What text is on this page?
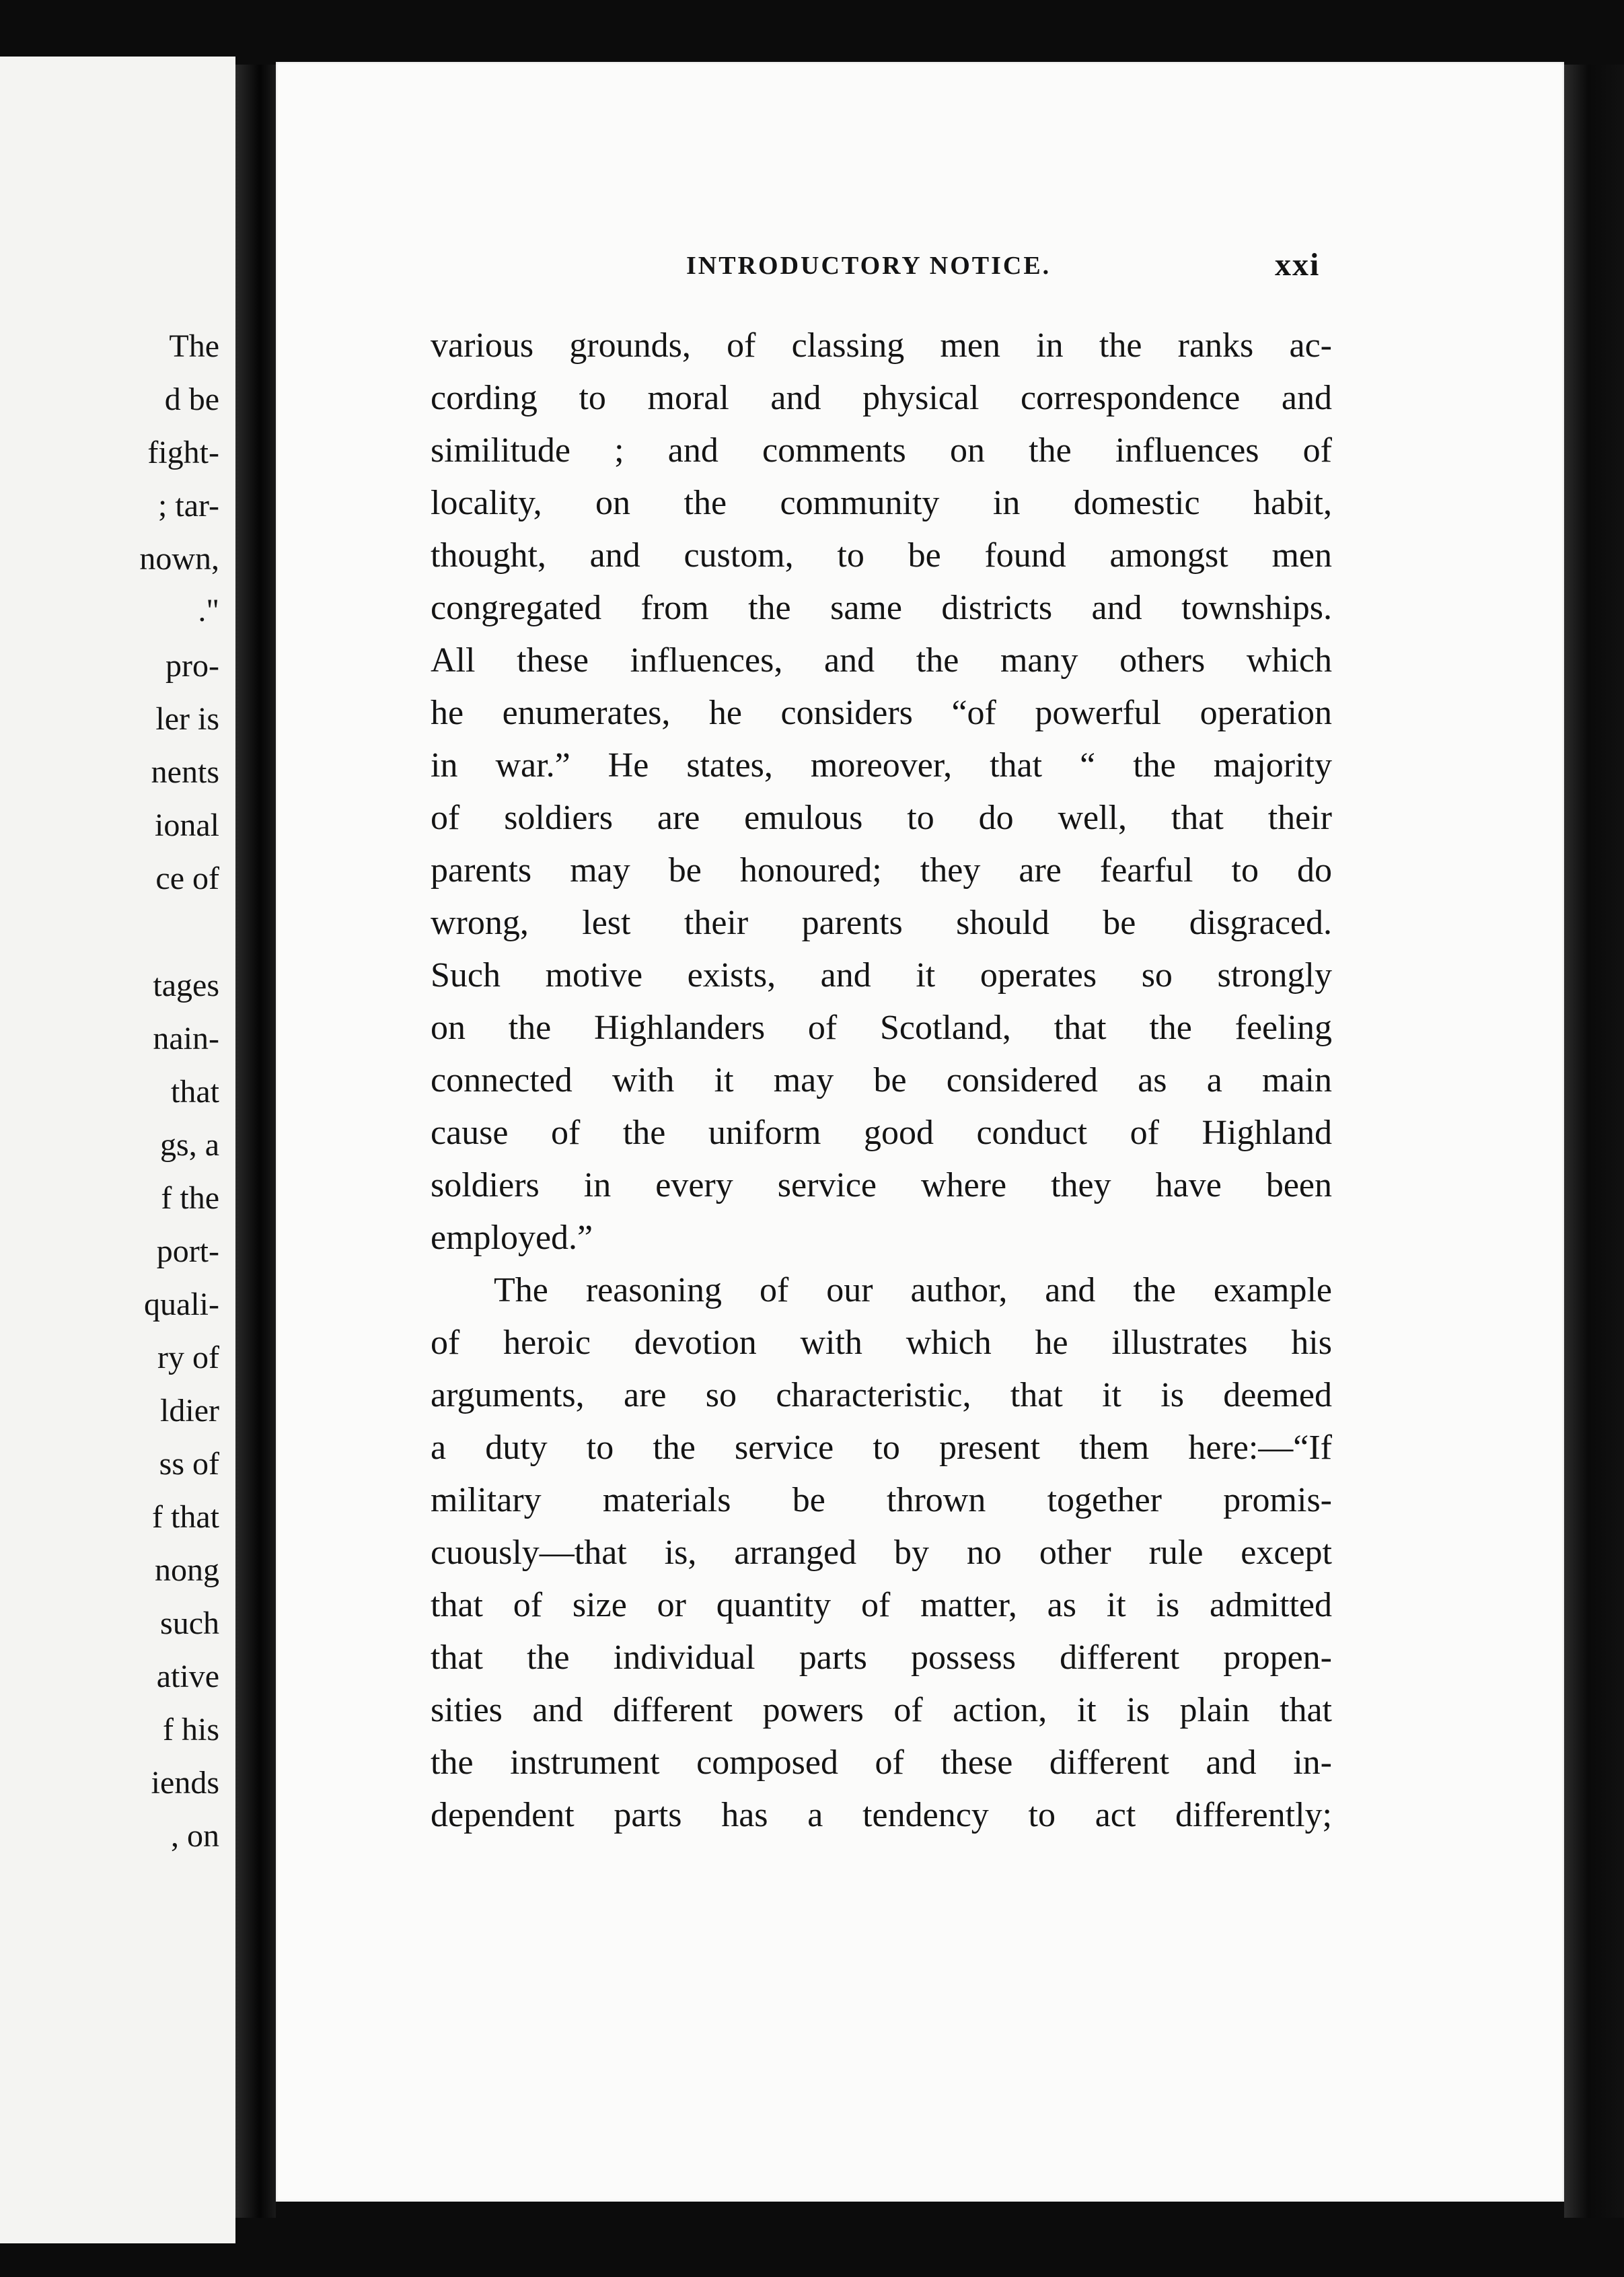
The
d be
fight-
; tar-
nown,
."
pro-
ler is
nents
ional
ce of
tages
nain-
that
gs, a
f the
port-
quali-
ry of
ldier
ss of
f that
nong
such
ative
f his
iends
, on
INTRODUCTORY NOTICE.	xxi
various grounds, of classing men in the ranks ac-
cording to moral and physical correspondence and
similitude ; and comments on the influences of
locality, on the community in domestic habit,
thought, and custom, to be found amongst men
congregated from the same districts and townships.
All these influences, and the many others which
he enumerates, he considers “of powerful operation
in war.” He states, moreover, that “ the majority
of soldiers are emulous to do well, that their
parents may be honoured; they are fearful to do
wrong, lest their parents should be disgraced.
Such motive exists, and it operates so strongly
on the Highlanders of Scotland, that the feeling
connected with it may be considered as a main
cause of the uniform good conduct of Highland
soldiers in every service where they have been
employed.”
The reasoning of our author, and the example
of heroic devotion with which he illustrates his
arguments, are so characteristic, that it is deemed
a duty to the service to present them here:—“If
military materials be thrown together promis-
cuously—that is, arranged by no other rule except
that of size or quantity of matter, as it is admitted
that the individual parts possess different propen-
sities and different powers of action, it is plain that
the instrument composed of these different and in-
dependent parts has a tendency to act differently;
